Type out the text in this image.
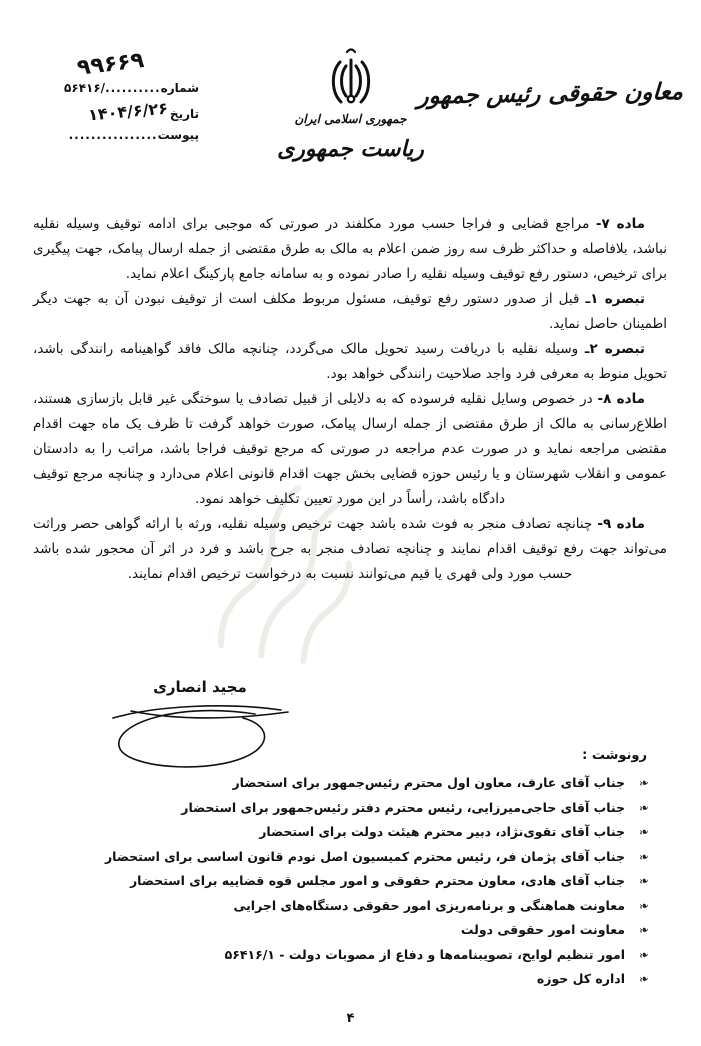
معاون حقوقی رئیس جمهور
جمهوری اسلامی ایران
ریاست جمهوری
۹۹۶۶۹
شماره
..........
۵۶۴۱۶/
تاریخ
۱۴۰۴/۶/۲۶
پیوست
................

ماده ۷- مراجع قضایی و فراجا حسب مورد مکلفند در صورتی که موجبی برای ادامه توقیف وسیله نقلیه نباشد، بلافاصله و حداکثر ظرف سه روز ضمن اعلام به مالک به طرق مقتضی از جمله ارسال پیامک، جهت پیگیری برای ترخیص، دستور رفع توقیف وسیله نقلیه را صادر نموده و به سامانه جامع پارکینگ اعلام نماید.

تبصره ۱ـ قبل از صدور دستور رفع توقیف، مسئول مربوط مکلف است از توقیف نبودن آن به جهت دیگر اطمینان حاصل نماید.

تبصره ۲ـ وسیله نقلیه با دریافت رسید تحویل مالک می‌گردد، چنانچه مالک فاقد گواهینامه رانندگی باشد، تحویل منوط به معرفی فرد واجد صلاحیت رانندگی خواهد بود.

ماده ۸- در خصوص وسایل نقلیه فرسوده که به دلایلی از قبیل تصادف یا سوختگی غیر قابل بازسازی هستند، اطلاع‌رسانی به مالک از طرق مقتضی از جمله ارسال پیامک، صورت خواهد گرفت تا ظرف یک ماه جهت اقدام مقتضی مراجعه نماید و در صورت عدم مراجعه در صورتی که مرجع توقیف فراجا باشد، مراتب را به دادستان عمومی و انقلاب شهرستان و یا رئیس حوزه قضایی بخش جهت اقدام قانونی اعلام می‌دارد و چنانچه مرجع توقیف دادگاه باشد، رأساً در این مورد تعیین تکلیف خواهد نمود.

ماده ۹- چنانچه تصادف منجر به فوت شده باشد جهت ترخیص وسیله نقلیه، ورثه با ارائه گواهی حصر وراثت می‌تواند جهت رفع توقیف اقدام نمایند و چنانچه تصادف منجر به جرح باشد و فرد در اثر آن محجور شده باشد حسب مورد ولی قهری یا قیم می‌توانند نسبت به درخواست ترخیص اقدام نمایند.

مجید انصاری
رونوشت :
❧
جناب آقای عارف، معاون اول محترم رئیس‌جمهور برای استحضار
❧
جناب آقای حاجی‌میرزایی، رئیس محترم دفتر رئیس‌جمهور برای استحضار
❧
جناب آقای تقوی‌نژاد، دبیر محترم هیئت دولت برای استحضار
❧
جناب آقای پژمان فر، رئیس محترم کمیسیون اصل نودم قانون اساسی برای استحضار
❧
جناب آقای هادی، معاون محترم حقوقی و امور مجلس قوه قضاییه برای استحضار
❧
معاونت هماهنگی و برنامه‌ریزی امور حقوقی دستگاه‌های اجرایی
❧
معاونت امور حقوقی دولت
❧
امور تنظیم لوایح، تصویبنامه‌ها و دفاع از مصوبات دولت - ۵۶۴۱۶/۱
❧
اداره کل حوزه
۴
